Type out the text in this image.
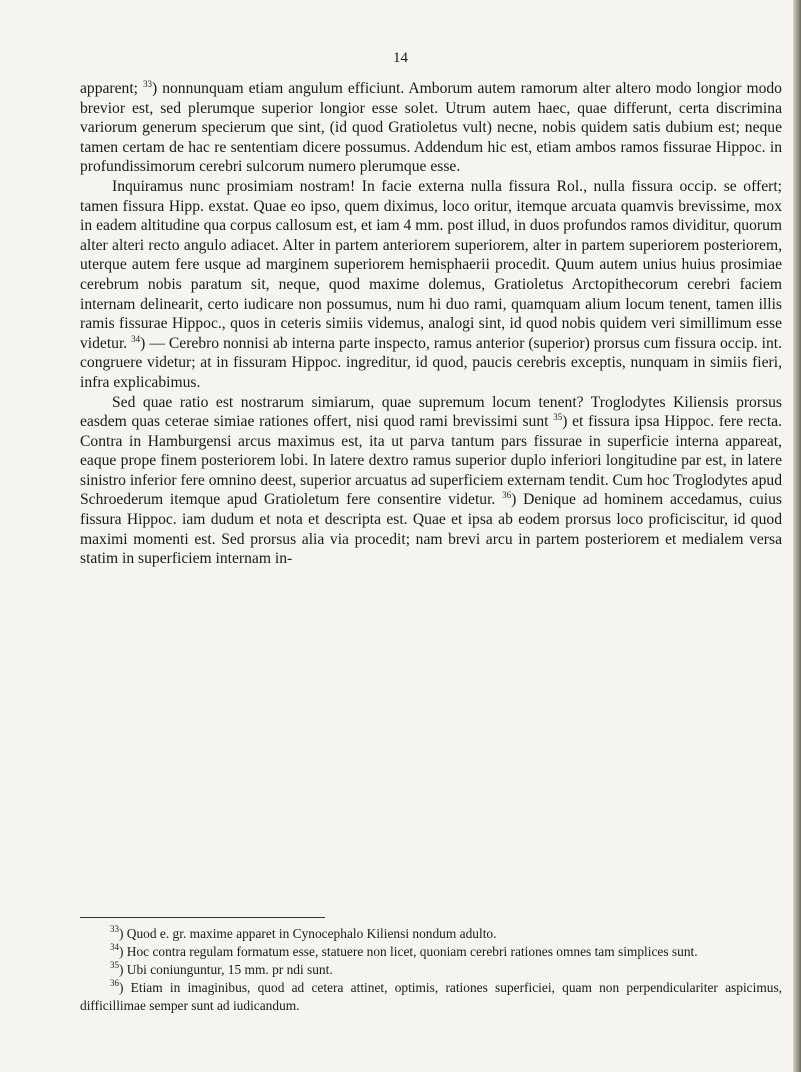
14

apparent; $^{33}$) nonnunquam etiam angulum efficiunt. Amborum autem ramorum alter altero modo longior modo brevior est, sed plerumque superior longior esse solet. Utrum autem haec, quae differunt, certa discrimina variorum generum specierum que sint, (id quod Gratioletus vult) necne, nobis quidem satis dubium est; neque tamen certam de hac re sententiam dicere possumus. Addendum hic est, etiam ambos ramos fissurae Hippoc. in profundissimorum cerebri sulcorum numero plerumque esse.

Inquiramus nunc prosimiam nostram! In facie externa nulla fissura Rol., nulla fissura occip. se offert; tamen fissura Hipp. exstat. Quae eo ipso, quem diximus, loco oritur, itemque arcuata quamvis brevissime, mox in eadem altitudine qua corpus callosum est, et iam 4 mm. post illud, in duos profundos ramos dividitur, quorum alter alteri recto angulo adiacet. Alter in partem anteriorem superiorem, alter in partem superiorem posteriorem, uterque autem fere usque ad marginem superiorem hemisphaerii procedit. Quum autem unius huius prosimiae cerebrum nobis paratum sit, neque, quod maxime dolemus, Gratioletus Arctopithecorum cerebri faciem internam delinearit, certo iudicare non possumus, num hi duo rami, quamquam alium locum tenent, tamen illis ramis fissurae Hippoc., quos in ceteris simiis videmus, analogi sint, id quod nobis quidem veri simillimum esse videtur. $^{34}$) — Cerebro nonnisi ab interna parte inspecto, ramus anterior (superior) prorsus cum fissura occip. int. congruere videtur; at in fissuram Hippoc. ingreditur, id quod, paucis cerebris exceptis, nunquam in simiis fieri, infra explicabimus.

Sed quae ratio est nostrarum simiarum, quae supremum locum tenent? Troglodytes Kiliensis prorsus easdem quas ceterae simiae rationes offert, nisi quod rami brevissimi sunt $^{35}$) et fissura ipsa Hippoc. fere recta. Contra in Hamburgensi arcus maximus est, ita ut parva tantum pars fissurae in superficie interna appareat, eaque prope finem posteriorem lobi. In latere dextro ramus superior duplo inferiori longitudine par est, in latere sinistro inferior fere omnino deest, superior arcuatus ad superficiem externam tendit. Cum hoc Troglodytes apud Schroederum itemque apud Gratioletum fere consentire videtur. $^{36}$) Denique ad hominem accedamus, cuius fissura Hippoc. iam dudum et nota et descripta est. Quae et ipsa ab eodem prorsus loco proficiscitur, id quod maximi momenti est. Sed prorsus alia via procedit; nam brevi arcu in partem posteriorem et medialem versa statim in superficiem internam in-

$^{33}$) Quod e. gr. maxime apparet in Cynocephalo Kiliensi nondum adulto.

$^{34}$) Hoc contra regulam formatum esse, statuere non licet, quoniam cerebri rationes omnes tam simplices sunt.

$^{35}$) Ubi coniunguntur, 15 mm. pr ndi sunt.

$^{36}$) Etiam in imaginibus, quod ad cetera attinet, optimis, rationes superficiei, quam non perpendiculariter aspicimus, difficillimae semper sunt ad iudicandum.
